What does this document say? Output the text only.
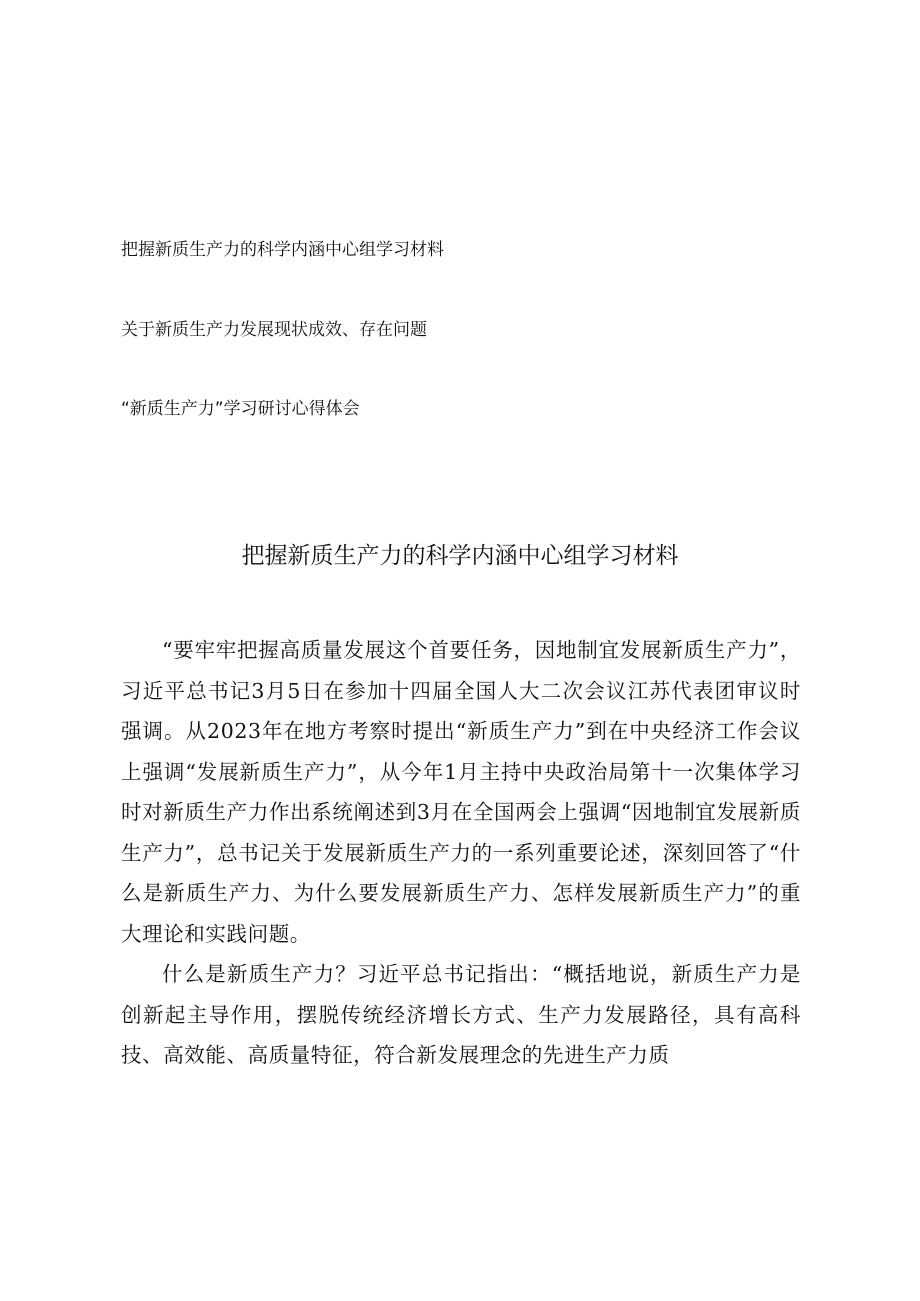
把握新质生产力的科学内涵中心组学习材料

关于新质生产力发展现状成效、存在问题

“新质生产力”学习研讨心得体会

把握新质生产力的科学内涵中心组学习材料

“要牢牢把握高质量发展这个首要任务，因地制宜发展新质生产力”，习近平总书记3月5日在参加十四届全国人大二次会议江苏代表团审议时强调。从2023年在地方考察时提出“新质生产力”到在中央经济工作会议上强调“发展新质生产力”，从今年1月主持中央政治局第十一次集体学习时对新质生产力作出系统阐述到3月在全国两会上强调“因地制宜发展新质生产力”，总书记关于发展新质生产力的一系列重要论述，深刻回答了“什么是新质生产力、为什么要发展新质生产力、怎样发展新质生产力”的重大理论和实践问题。

什么是新质生产力？习近平总书记指出：“概括地说，新质生产力是创新起主导作用，摆脱传统经济增长方式、生产力发展路径，具有高科技、高效能、高质量特征，符合新发展理念的先进生产力质
